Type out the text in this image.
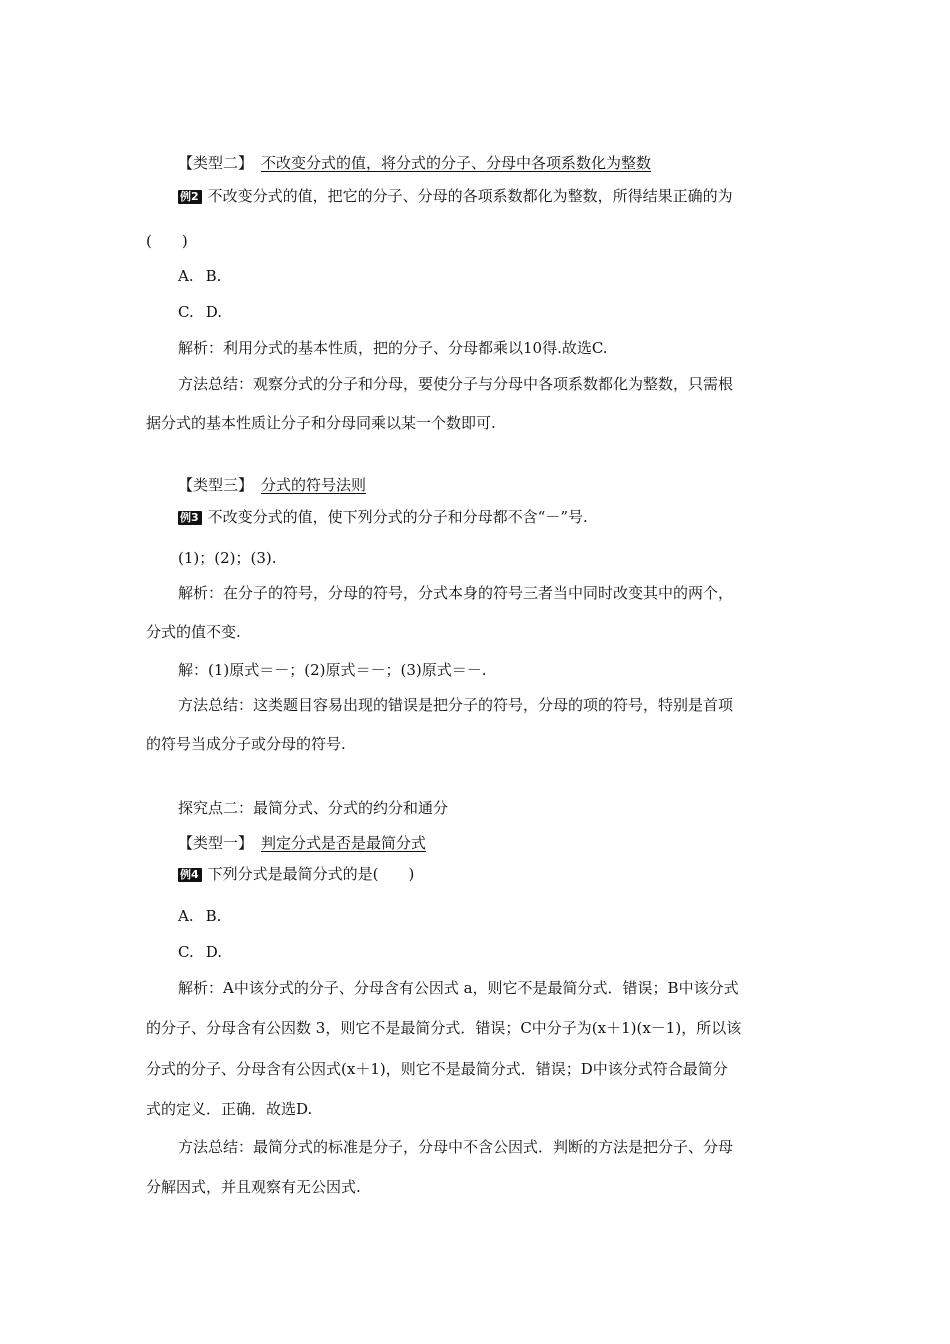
【类型二】 不改变分式的值，将分式的分子、分母中各项系数化为整数
例2 不改变分式的值，把它的分子、分母的各项系数都化为整数，所得结果正确的为
(　　)
A. B.
C. D.
解析：利用分式的基本性质，把的分子、分母都乘以10得.故选C.
方法总结：观察分式的分子和分母，要使分子与分母中各项系数都化为整数，只需根
据分式的基本性质让分子和分母同乘以某一个数即可.
【类型三】 分式的符号法则
例3 不改变分式的值，使下列分式的分子和分母都不含“－”号.
(1)；(2)；(3).
解析：在分子的符号，分母的符号，分式本身的符号三者当中同时改变其中的两个，
分式的值不变.
解：(1)原式＝－；(2)原式＝－；(3)原式＝－.
方法总结：这类题目容易出现的错误是把分子的符号，分母的项的符号，特别是首项
的符号当成分子或分母的符号.
探究点二：最简分式、分式的约分和通分
【类型一】 判定分式是否是最简分式
例4 下列分式是最简分式的是(　　)
A. B.
C. D.
解析：A中该分式的分子、分母含有公因式 a，则它不是最简分式．错误；B中该分式
的分子、分母含有公因数 3，则它不是最简分式．错误；C中分子为(x＋1)(x－1)，所以该
分式的分子、分母含有公因式(x＋1)，则它不是最简分式．错误；D中该分式符合最简分
式的定义．正确．故选D.
方法总结：最简分式的标准是分子，分母中不含公因式．判断的方法是把分子、分母
分解因式，并且观察有无公因式.
